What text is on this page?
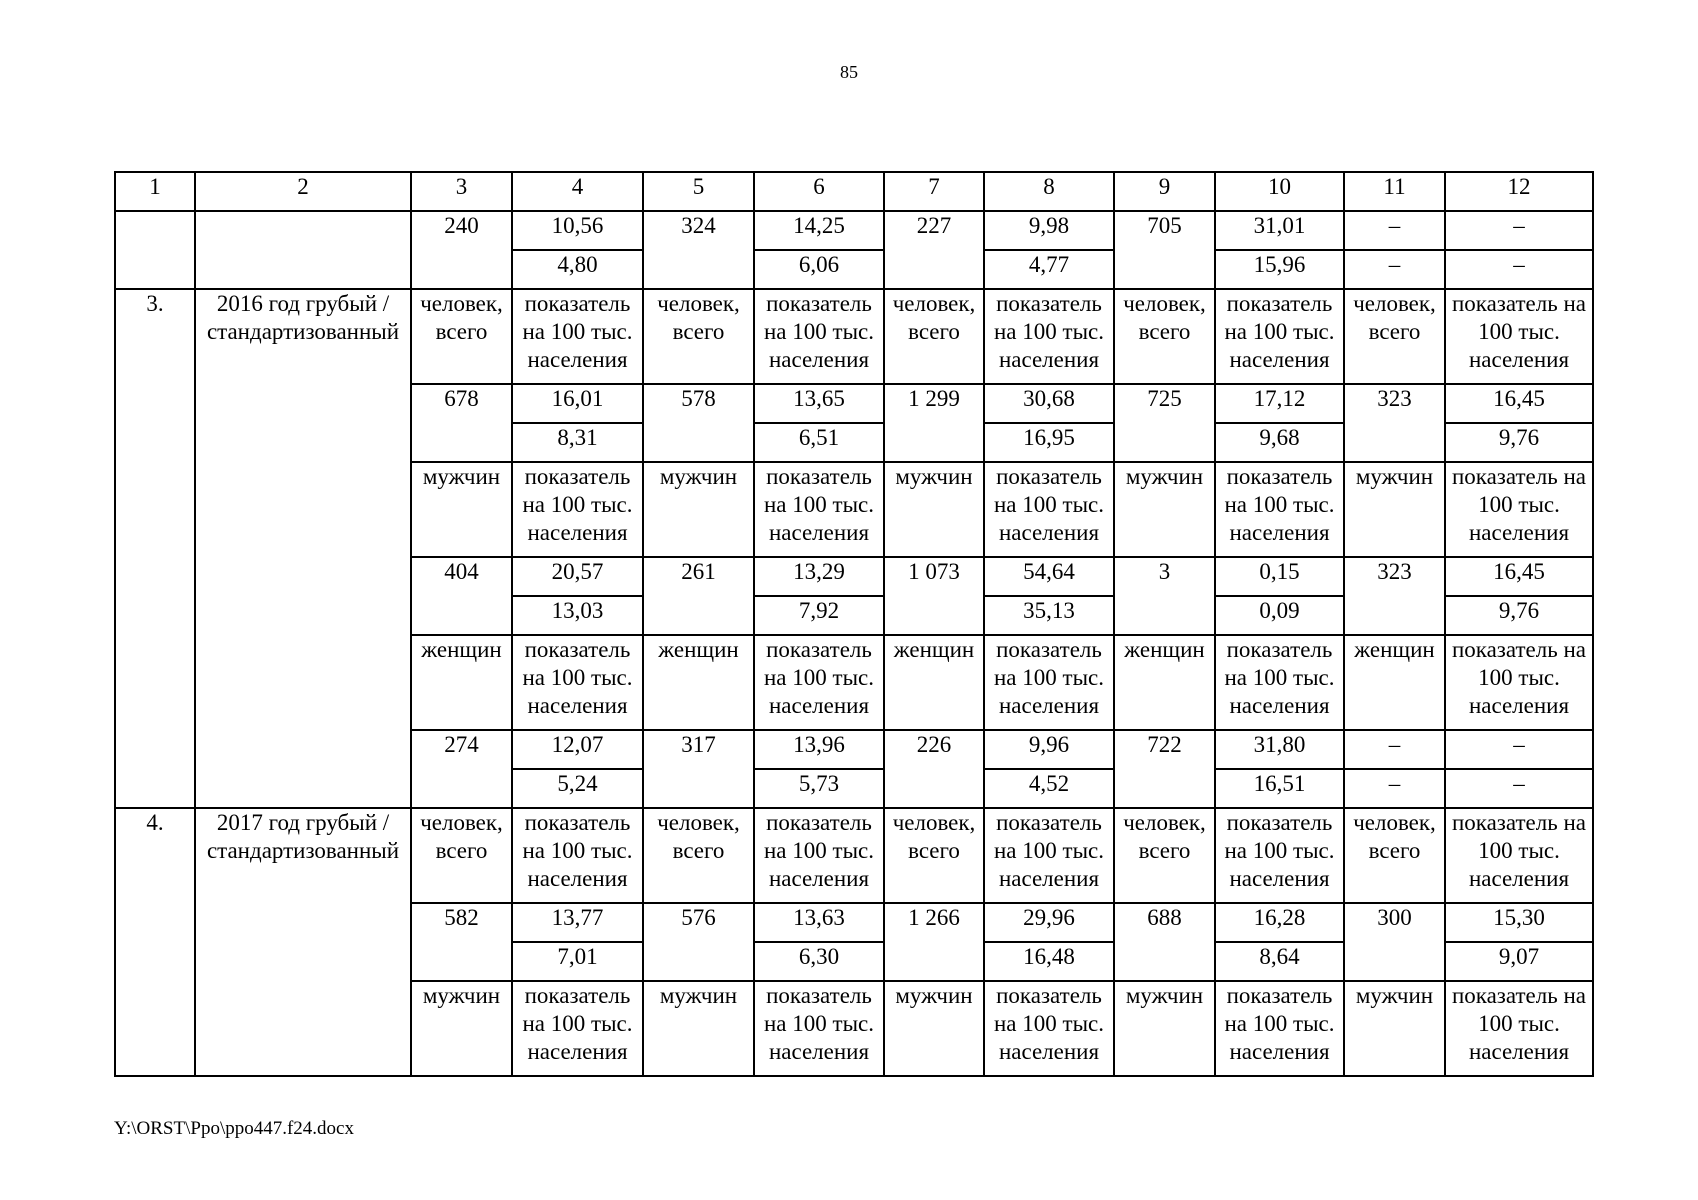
85
1	2	3	4	5	6	7	8	9	10	11	12
		240	10,56	324	14,25	227	9,98	705	31,01	–	–
			4,80		6,06		4,77		15,96	–	–
3.	2016 год грубый / стандартизованный	человек, всего	показатель на 100 тыс. населения	человек, всего	показатель на 100 тыс. населения	человек, всего	показатель на 100 тыс. населения	человек, всего	показатель на 100 тыс. населения	человек, всего	показатель на 100 тыс. населения
		678	16,01	578	13,65	1 299	30,68	725	17,12	323	16,45
			8,31		6,51		16,95		9,68		9,76
		мужчин	показатель на 100 тыс. населения	мужчин	показатель на 100 тыс. населения	мужчин	показатель на 100 тыс. населения	мужчин	показатель на 100 тыс. населения	мужчин	показатель на 100 тыс. населения
		404	20,57	261	13,29	1 073	54,64	3	0,15	323	16,45
			13,03		7,92		35,13		0,09		9,76
		женщин	показатель на 100 тыс. населения	женщин	показатель на 100 тыс. населения	женщин	показатель на 100 тыс. населения	женщин	показатель на 100 тыс. населения	женщин	показатель на 100 тыс. населения
		274	12,07	317	13,96	226	9,96	722	31,80	–	–
			5,24		5,73		4,52		16,51	–	–
4.	2017 год грубый / стандартизованный	человек, всего	показатель на 100 тыс. населения	человек, всего	показатель на 100 тыс. населения	человек, всего	показатель на 100 тыс. населения	человек, всего	показатель на 100 тыс. населения	человек, всего	показатель на 100 тыс. населения
		582	13,77	576	13,63	1 266	29,96	688	16,28	300	15,30
			7,01		6,30		16,48		8,64		9,07
		мужчин	показатель на 100 тыс. населения	мужчин	показатель на 100 тыс. населения	мужчин	показатель на 100 тыс. населения	мужчин	показатель на 100 тыс. населения	мужчин	показатель на 100 тыс. населения
Y:\ORST\Ppo\ppo447.f24.docx
